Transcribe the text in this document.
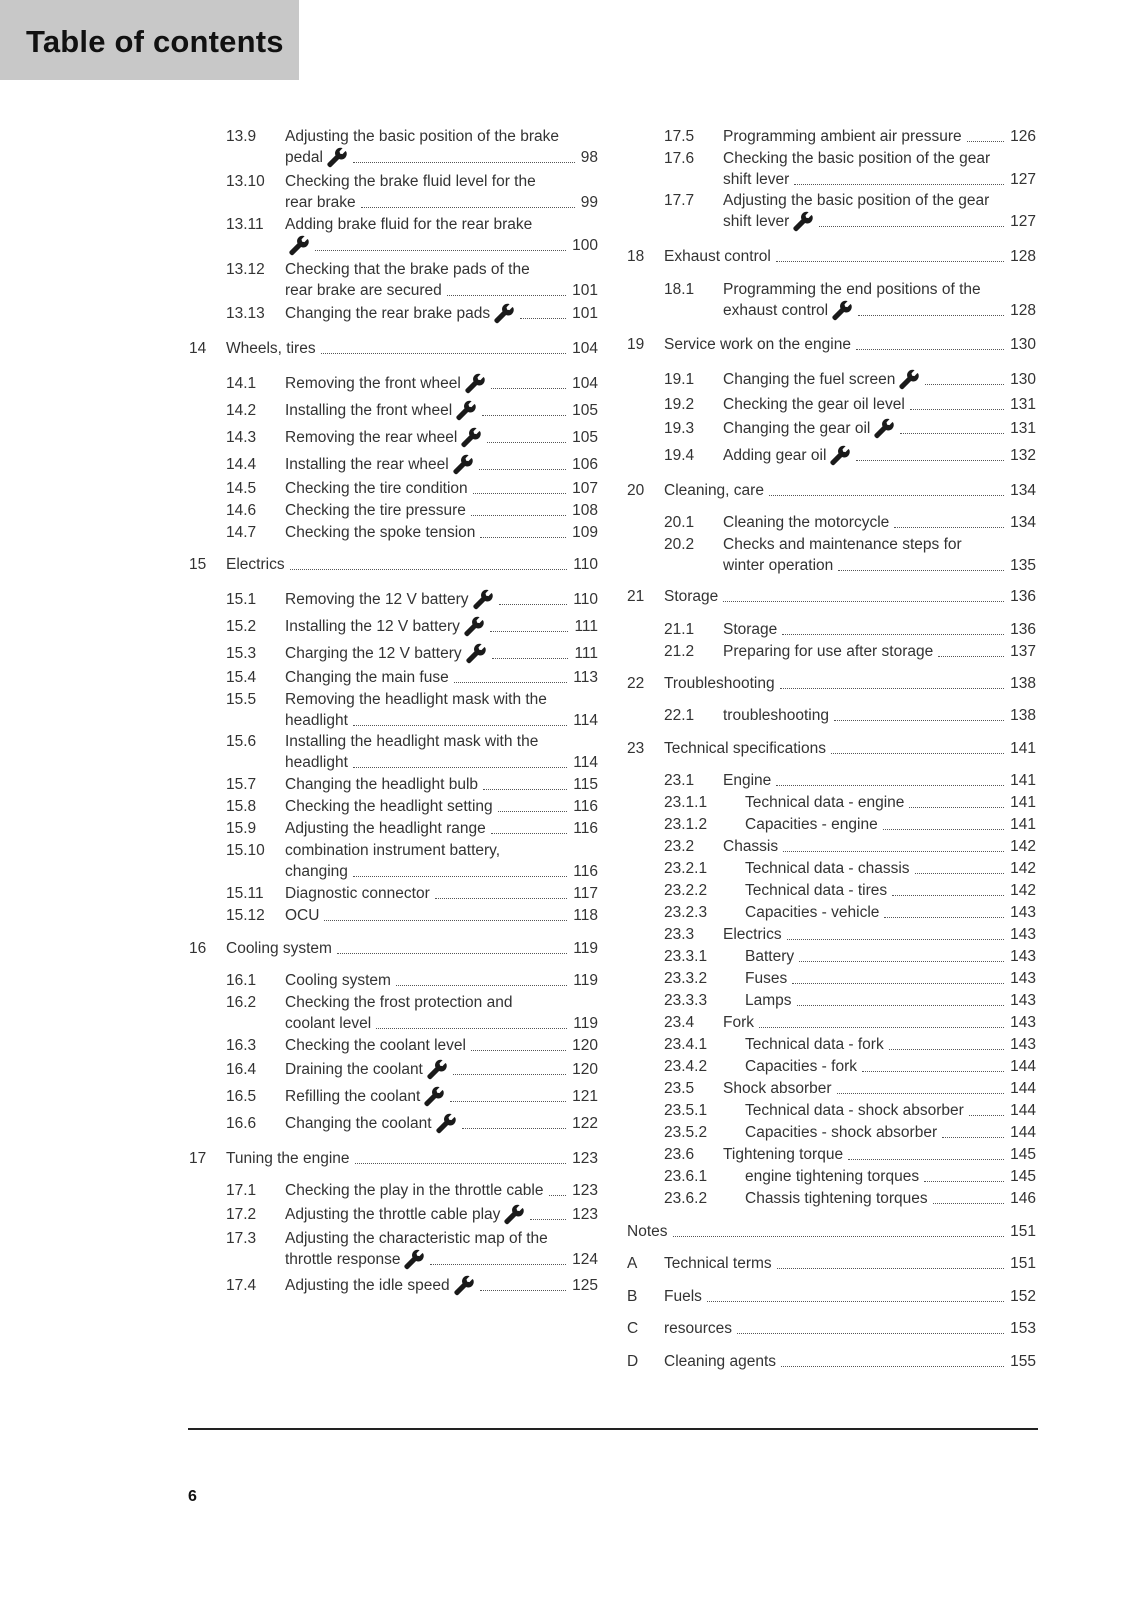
Table of contents
13.9 Adjusting the basic position of the brake
pedal	98
13.10 Checking the brake fluid level for the
rear brake	99
13.11 Adding brake fluid for the rear brake
100
13.12 Checking that the brake pads of the
rear brake are secured	101
13.13 Changing the rear brake pads	101
14 Wheels, tires	104
14.1 Removing the front wheel	104
14.2 Installing the front wheel	105
14.3 Removing the rear wheel	105
14.4 Installing the rear wheel	106
14.5 Checking the tire condition	107
14.6 Checking the tire pressure	108
14.7 Checking the spoke tension	109
15 Electrics	110
15.1 Removing the 12 V battery	110
15.2 Installing the 12 V battery	111
15.3 Charging the 12 V battery	111
15.4 Changing the main fuse	113
15.5 Removing the headlight mask with the
headlight	114
15.6 Installing the headlight mask with the
headlight	114
15.7 Changing the headlight bulb	115
15.8 Checking the headlight setting	116
15.9 Adjusting the headlight range	116
15.10 combination instrument battery,
changing	116
15.11 Diagnostic connector	117
15.12 OCU	118
16 Cooling system	119
16.1 Cooling system	119
16.2 Checking the frost protection and
coolant level	119
16.3 Checking the coolant level	120
16.4 Draining the coolant	120
16.5 Refilling the coolant	121
16.6 Changing the coolant	122
17 Tuning the engine	123
17.1 Checking the play in the throttle cable 123
17.2 Adjusting the throttle cable play	123
17.3 Adjusting the characteristic map of the
throttle response	124
17.4 Adjusting the idle speed	125
17.5 Programming ambient air pressure	126
17.6 Checking the basic position of the gear
shift lever	127
17.7 Adjusting the basic position of the gear
shift lever	127
18 Exhaust control	128
18.1 Programming the end positions of the
exhaust control	128
19 Service work on the engine	130
19.1 Changing the fuel screen	130
19.2 Checking the gear oil level	131
19.3 Changing the gear oil	131
19.4 Adding gear oil	132
20 Cleaning, care	134
20.1 Cleaning the motorcycle	134
20.2 Checks and maintenance steps for
winter operation	135
21 Storage	136
21.1 Storage	136
21.2 Preparing for use after storage	137
22 Troubleshooting	138
22.1 troubleshooting	138
23 Technical specifications	141
23.1 Engine	141
23.1.1 Technical data - engine	141
23.1.2 Capacities - engine	141
23.2 Chassis	142
23.2.1 Technical data - chassis	142
23.2.2 Technical data - tires	142
23.2.3 Capacities - vehicle	143
23.3 Electrics	143
23.3.1 Battery	143
23.3.2 Fuses	143
23.3.3 Lamps	143
23.4 Fork	143
23.4.1 Technical data - fork	143
23.4.2 Capacities - fork	144
23.5 Shock absorber	144
23.5.1 Technical data - shock absorber	144
23.5.2 Capacities - shock absorber	144
23.6 Tightening torque	145
23.6.1 engine tightening torques	145
23.6.2 Chassis tightening torques	146
Notes	151
A Technical terms	151
B Fuels	152
C resources	153
D Cleaning agents	155
6
